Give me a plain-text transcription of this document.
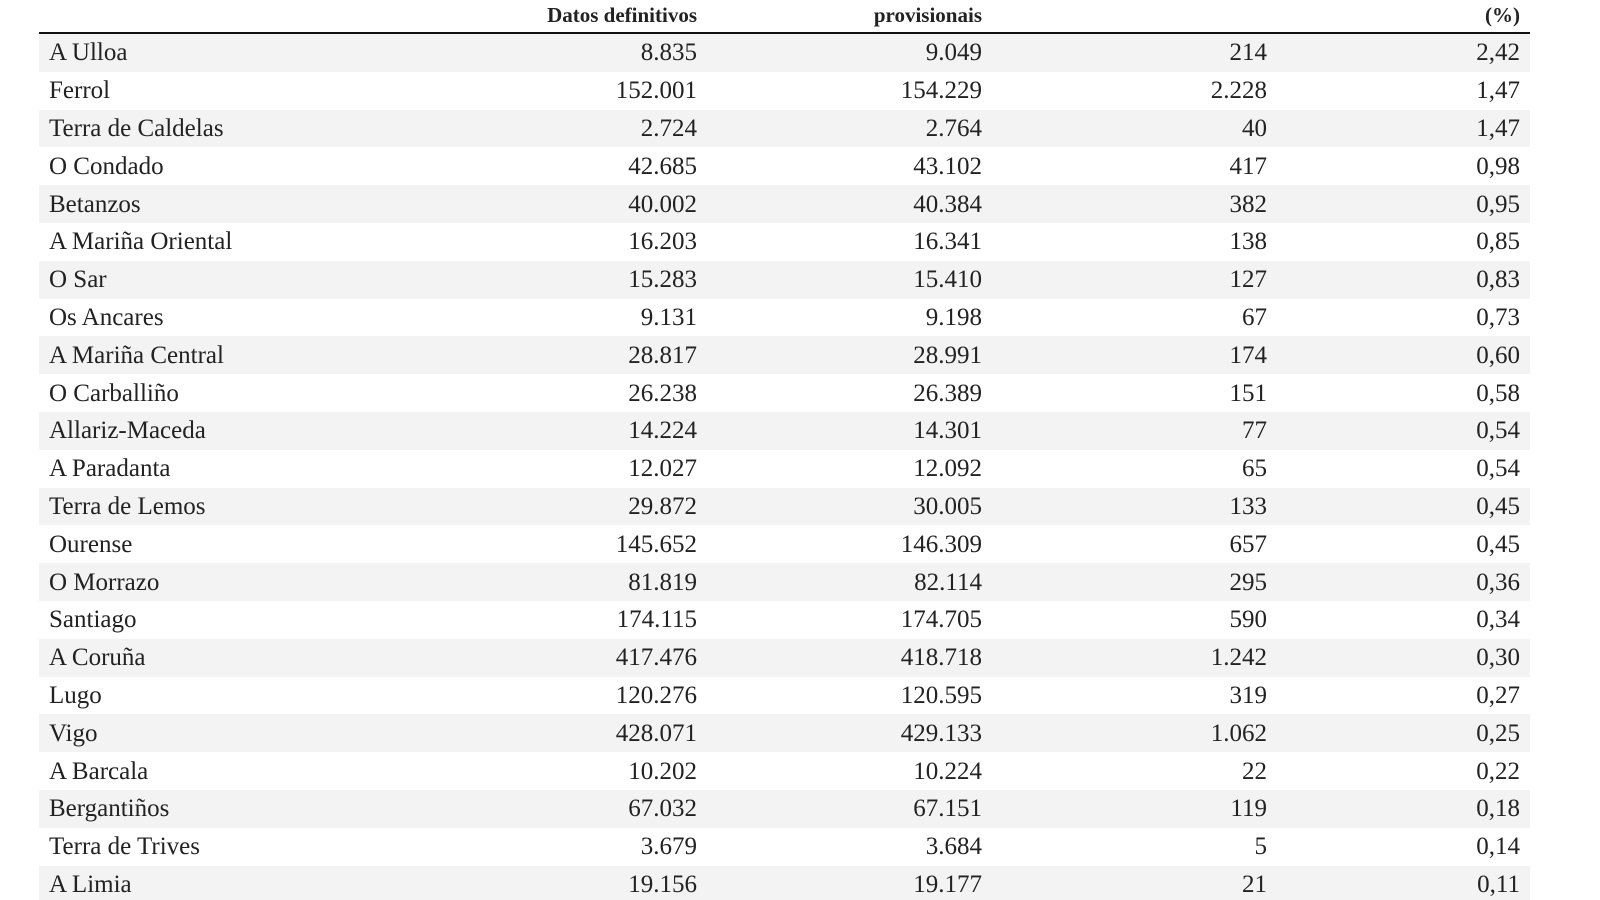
	Datos definitivos	provisionais		(%)
A Ulloa	8.835	9.049	214	2,42
Ferrol	152.001	154.229	2.228	1,47
Terra de Caldelas	2.724	2.764	40	1,47
O Condado	42.685	43.102	417	0,98
Betanzos	40.002	40.384	382	0,95
A Mariña Oriental	16.203	16.341	138	0,85
O Sar	15.283	15.410	127	0,83
Os Ancares	9.131	9.198	67	0,73
A Mariña Central	28.817	28.991	174	0,60
O Carballiño	26.238	26.389	151	0,58
Allariz-Maceda	14.224	14.301	77	0,54
A Paradanta	12.027	12.092	65	0,54
Terra de Lemos	29.872	30.005	133	0,45
Ourense	145.652	146.309	657	0,45
O Morrazo	81.819	82.114	295	0,36
Santiago	174.115	174.705	590	0,34
A Coruña	417.476	418.718	1.242	0,30
Lugo	120.276	120.595	319	0,27
Vigo	428.071	429.133	1.062	0,25
A Barcala	10.202	10.224	22	0,22
Bergantiños	67.032	67.151	119	0,18
Terra de Trives	3.679	3.684	5	0,14
A Limia	19.156	19.177	21	0,11
